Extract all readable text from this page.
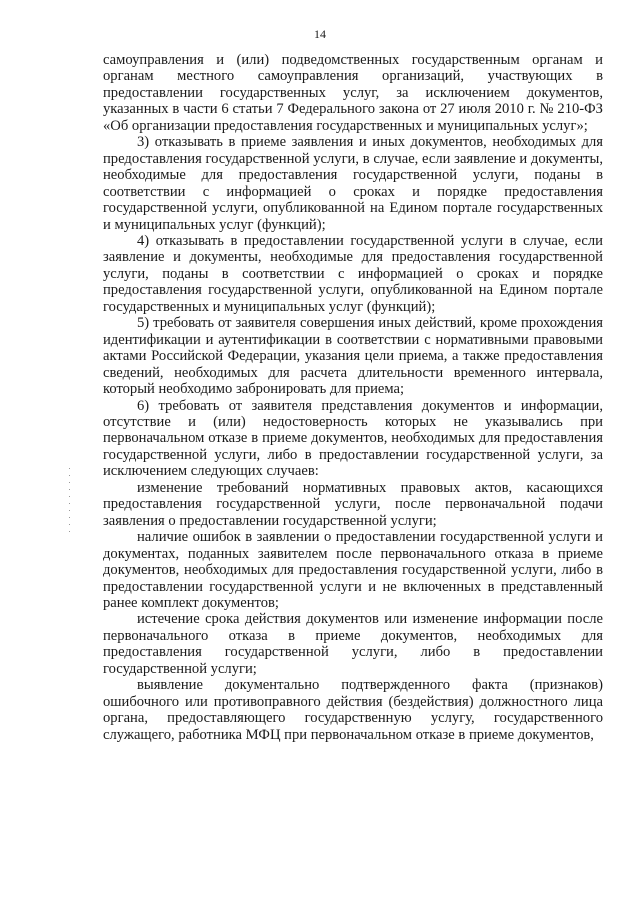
14

самоуправления и (или) подведомственных государственным органам и органам местного самоуправления организаций, участвующих в предоставлении государственных услуг, за исключением документов, указанных в части 6 статьи 7 Федерального закона от 27 июля 2010 г. № 210-ФЗ «Об организации предоставления государственных и муниципальных услуг»;

3) отказывать в приеме заявления и иных документов, необходимых для предоставления государственной услуги, в случае, если заявление и документы, необходимые для предоставления государственной услуги, поданы в соответствии с информацией о сроках и порядке предоставления государственной услуги, опубликованной на Едином портале государственных и муниципальных услуг (функций);

4) отказывать в предоставлении государственной услуги в случае, если заявление и документы, необходимые для предоставления государственной услуги, поданы в соответствии с информацией о сроках и порядке предоставления государственной услуги, опубликованной на Едином портале государственных и муниципальных услуг (функций);

5) требовать от заявителя совершения иных действий, кроме прохождения идентификации и аутентификации в соответствии с нормативными правовыми актами Российской Федерации, указания цели приема, а также предоставления сведений, необходимых для расчета длительности временного интервала, который необходимо забронировать для приема;

6) требовать от заявителя представления документов и информации, отсутствие и (или) недостоверность которых не указывались при первоначальном отказе в приеме документов, необходимых для предоставления государственной услуги, либо в предоставлении государственной услуги, за исключением следующих случаев:

изменение требований нормативных правовых актов, касающихся предоставления государственной услуги, после первоначальной подачи заявления о предоставлении государственной услуги;

наличие ошибок в заявлении о предоставлении государственной услуги и документах, поданных заявителем после первоначального отказа в приеме документов, необходимых для предоставления государственной услуги, либо в предоставлении государственной услуги и не включенных в представленный ранее комплект документов;

истечение срока действия документов или изменение информации после первоначального отказа в приеме документов, необходимых для предоставления государственной услуги, либо в предоставлении государственной услуги;

выявление документально подтвержденного факта (признаков) ошибочного или противоправного действия (бездействия) должностного лица органа, предоставляющего государственную услугу, государственного служащего, работника МФЦ при первоначальном отказе в приеме документов,
